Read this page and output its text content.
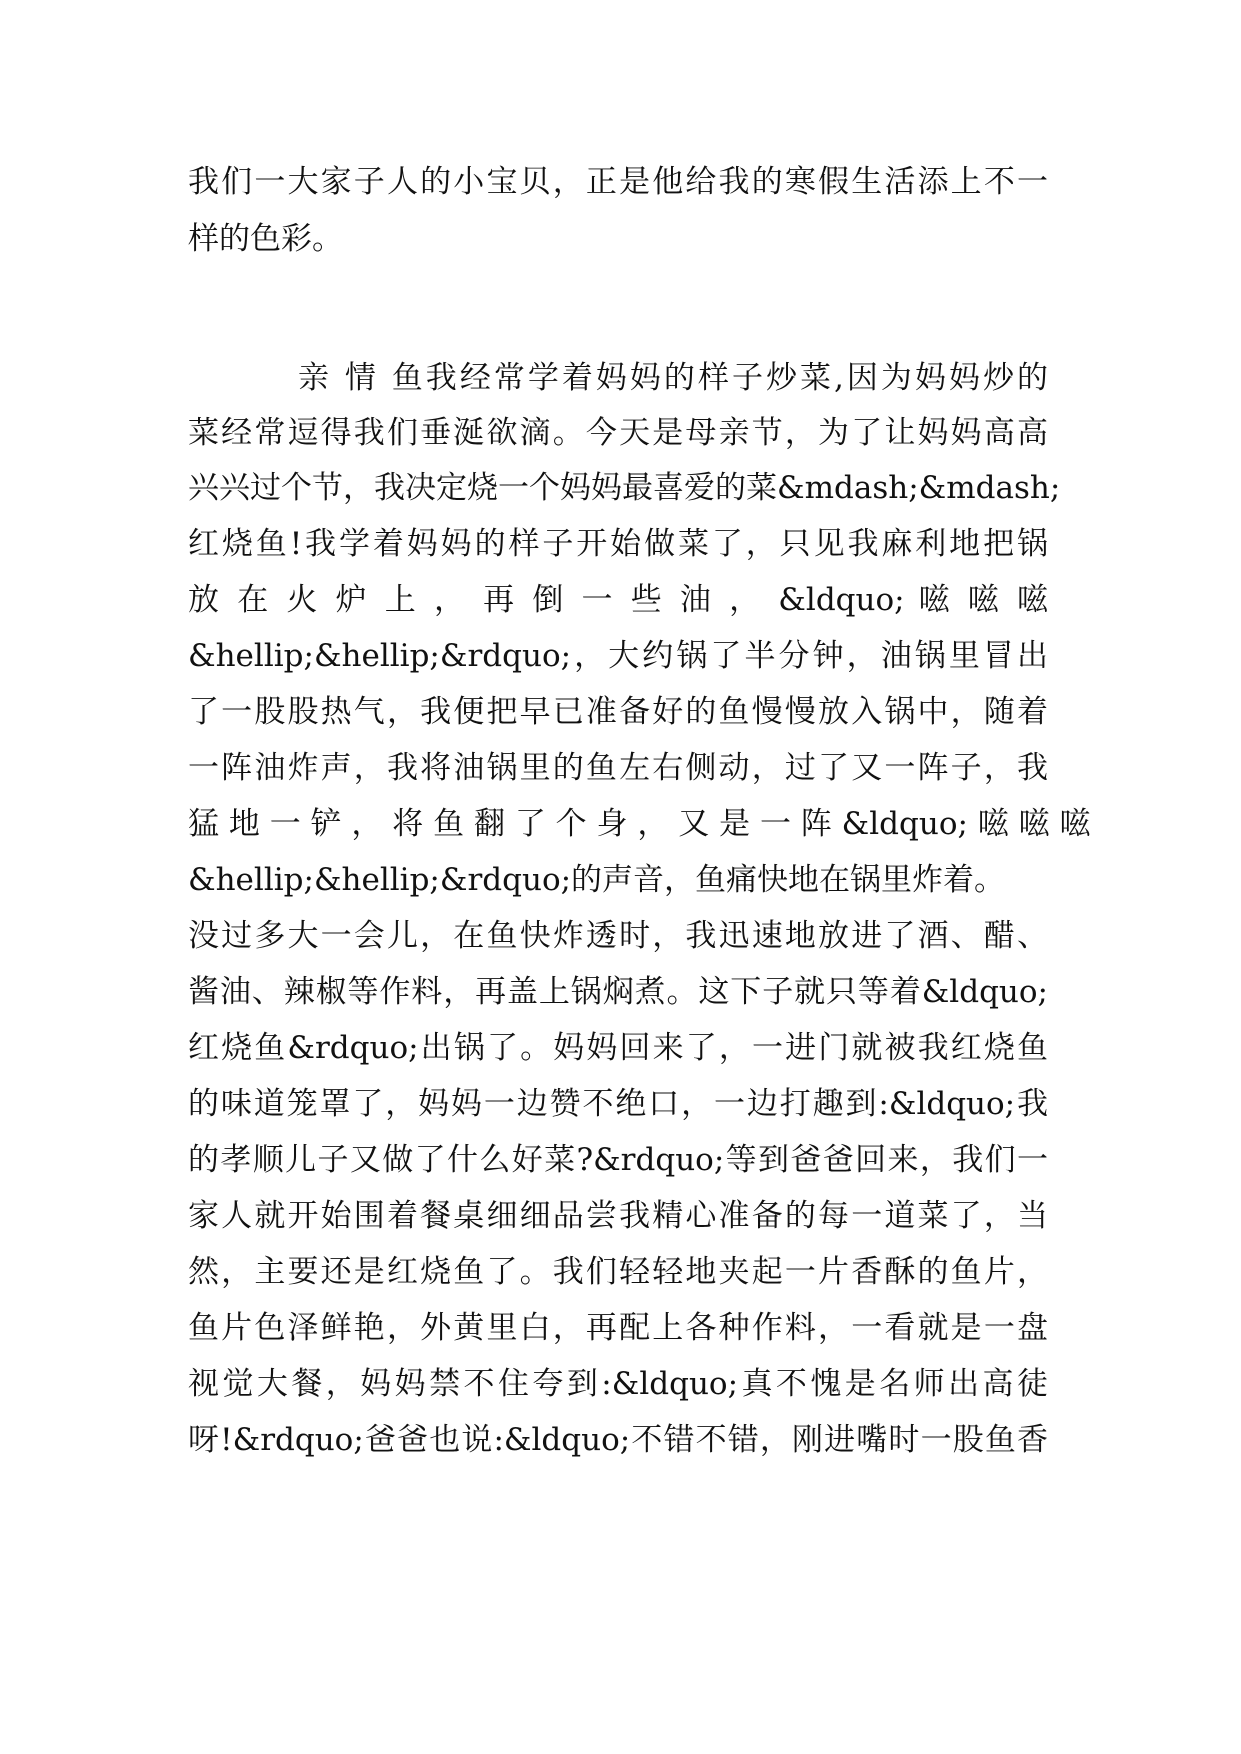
我们一大家子人的小宝贝，正是他给我的寒假生活添上不一
样的色彩。
亲 情 鱼我经常学着妈妈的样子炒菜,因为妈妈炒的
菜经常逗得我们垂涎欲滴。今天是母亲节，为了让妈妈高高
兴兴过个节，我决定烧一个妈妈最喜爱的菜&mdash;&mdash;
红烧鱼!我学着妈妈的样子开始做菜了，只见我麻利地把锅
放 在 火 炉 上 ， 再 倒 一 些 油 ， &ldquo; 嗞 嗞 嗞
&hellip;&hellip;&rdquo;，大约锅了半分钟，油锅里冒出
了一股股热气，我便把早已准备好的鱼慢慢放入锅中，随着
一阵油炸声，我将油锅里的鱼左右侧动，过了又一阵子，我
猛 地 一 铲 ， 将 鱼 翻 了 个 身 ， 又 是 一 阵 &ldquo; 嗞 嗞 嗞
&hellip;&hellip;&rdquo;的声音，鱼痛快地在锅里炸着。
没过多大一会儿，在鱼快炸透时，我迅速地放进了酒、醋、
酱油、辣椒等作料，再盖上锅焖煮。这下子就只等着&ldquo;
红烧鱼&rdquo;出锅了。妈妈回来了，一进门就被我红烧鱼
的味道笼罩了，妈妈一边赞不绝口，一边打趣到:&ldquo;我
的孝顺儿子又做了什么好菜?&rdquo;等到爸爸回来，我们一
家人就开始围着餐桌细细品尝我精心准备的每一道菜了，当
然，主要还是红烧鱼了。我们轻轻地夹起一片香酥的鱼片，
鱼片色泽鲜艳，外黄里白，再配上各种作料，一看就是一盘
视觉大餐，妈妈禁不住夸到:&ldquo;真不愧是名师出高徒
呀!&rdquo;爸爸也说:&ldquo;不错不错，刚进嘴时一股鱼香
